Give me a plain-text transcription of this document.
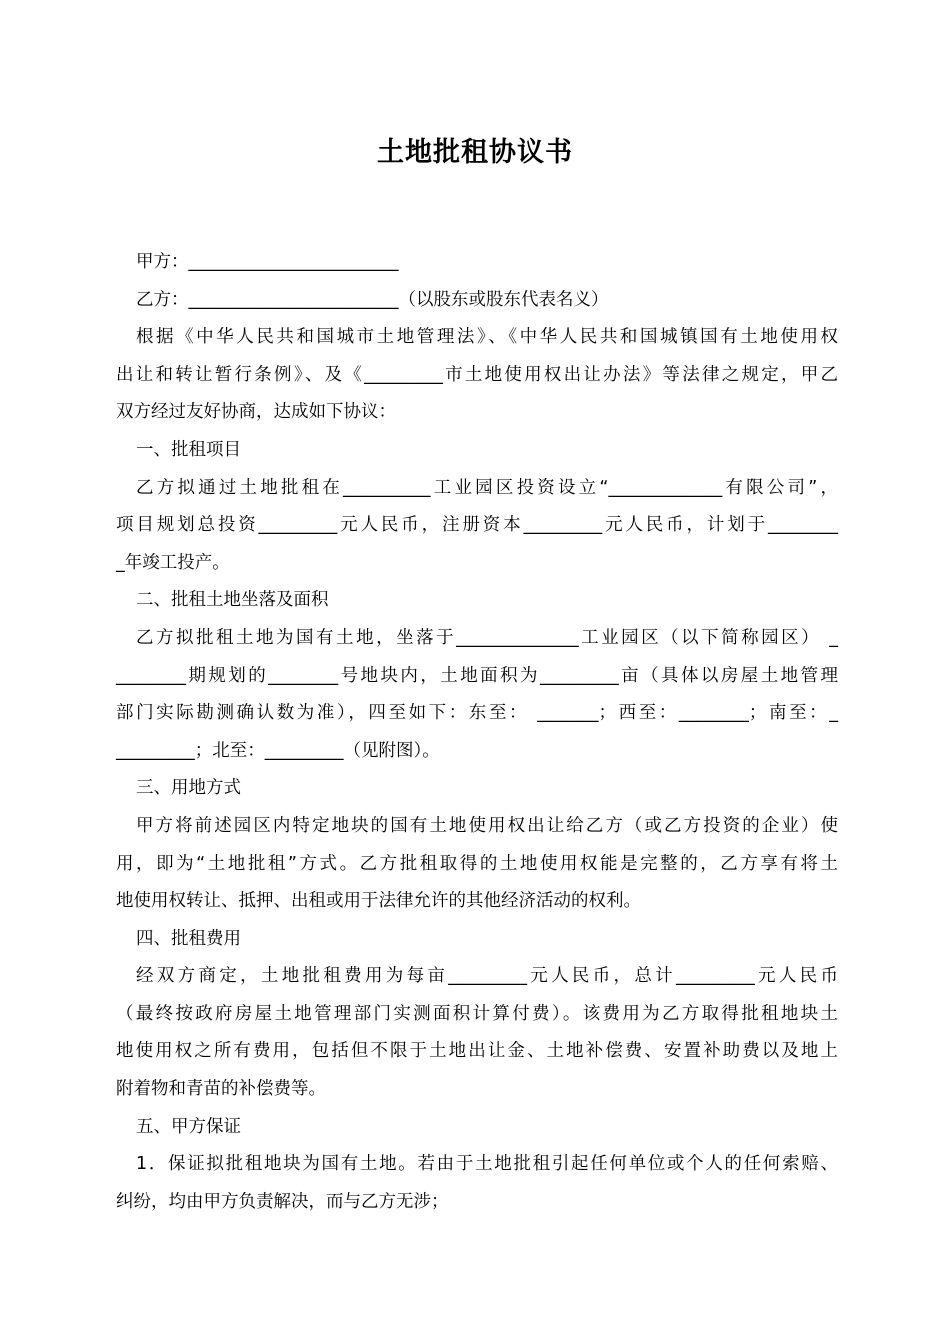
土地批租协议书
甲方：________________________
乙方：________________________（以股东或股东代表名义）
根据《中华人民共和国城市土地管理法》、《中华人民共和国城镇国有土地使用权
出让和转让暂行条例》、及《_________市土地使用权出让办法》等法律之规定，甲乙
双方经过友好协商，达成如下协议：
一、批租项目
乙方拟通过土地批租在__________工业园区投资设立“_____________有限公司”，
项目规划总投资_________元人民币，注册资本_________元人民币，计划于________
_年竣工投产。
二、批租土地坐落及面积
乙方拟批租土地为国有土地，坐落于______________工业园区（以下简称园区） _
________期规划的________号地块内，土地面积为_________亩（具体以房屋土地管理
部门实际勘测确认数为准），四至如下：东至： _______；西至：________；南至：_
_________；北至：_________（见附图）。
三、用地方式
甲方将前述园区内特定地块的国有土地使用权出让给乙方（或乙方投资的企业）使
用，即为“土地批租”方式。乙方批租取得的土地使用权能是完整的，乙方享有将土
地使用权转让、抵押、出租或用于法律允许的其他经济活动的权利。
四、批租费用
经双方商定，土地批租费用为每亩_________元人民币，总计_________元人民币
（最终按政府房屋土地管理部门实测面积计算付费）。该费用为乙方取得批租地块土
地使用权之所有费用，包括但不限于土地出让金、土地补偿费、安置补助费以及地上
附着物和青苗的补偿费等。
五、甲方保证
1．保证拟批租地块为国有土地。若由于土地批租引起任何单位或个人的任何索赔、
纠纷，均由甲方负责解决，而与乙方无涉；
